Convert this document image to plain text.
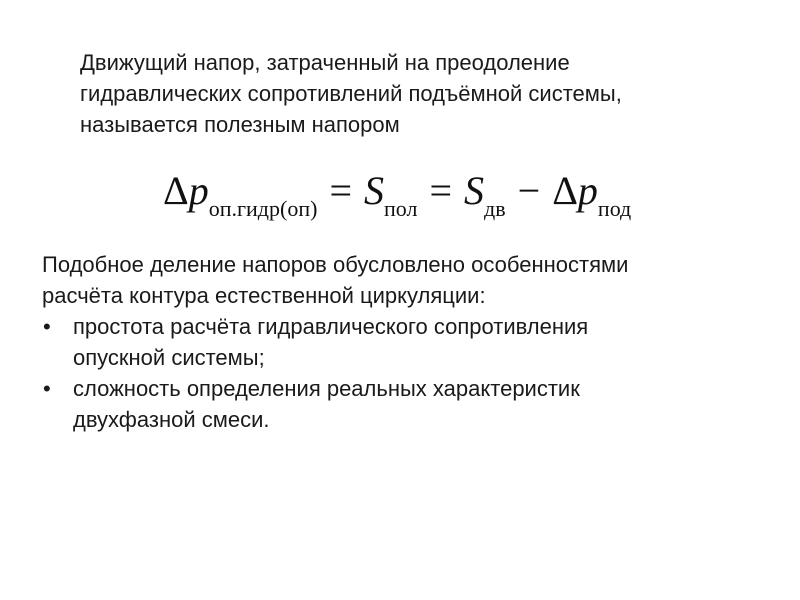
Движущий напор, затраченный на преодоление
гидравлических сопротивлений подъёмной системы,
называется полезным напором
$\Delta p_{оп.гидр(оп)} = S_{пол} = S_{дв} - \Delta p_{под}$
Подобное деление напоров обусловлено особенностями
расчёта контура естественной циркуляции:
• простота расчёта гидравлического сопротивления
опускной системы;
• сложность определения реальных характеристик
двухфазной смеси.
